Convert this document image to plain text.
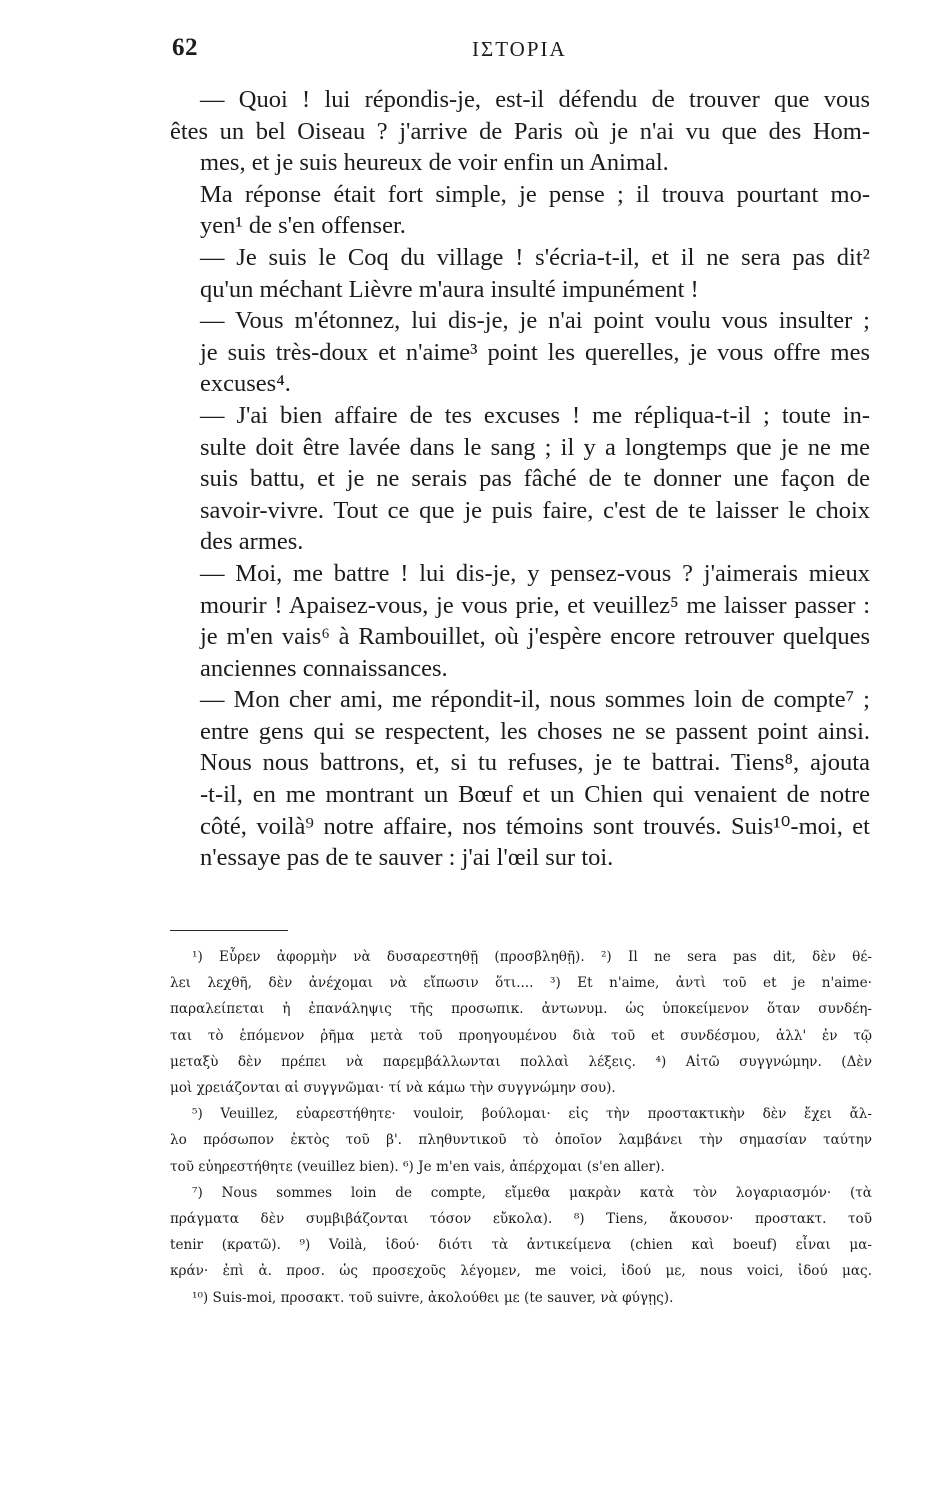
62	ΙΣΤΟΡΙΑ

— Quoi ! lui répondis-je, est-il défendu de trouver que vous
êtes un bel Oiseau ? j'arrive de Paris où je n'ai vu que des Hom-
mes, et je suis heureux de voir enfin un Animal.

Ma réponse était fort simple, je pense ; il trouva pourtant mo-
yen¹ de s'en offenser.

— Je suis le Coq du village ! s'écria-t-il, et il ne sera pas dit²
qu'un méchant Lièvre m'aura insulté impunément !

— Vous m'étonnez, lui dis-je, je n'ai point voulu vous insulter ;
je suis très-doux et n'aime³ point les querelles, je vous offre mes
excuses⁴.

— J'ai bien affaire de tes excuses ! me répliqua-t-il ; toute in-
sulte doit être lavée dans le sang ; il y a longtemps que je ne me
suis battu, et je ne serais pas fâché de te donner une façon de
savoir-vivre. Tout ce que je puis faire, c'est de te laisser le choix
des armes.

— Moi, me battre ! lui dis-je, y pensez-vous ? j'aimerais mieux
mourir ! Apaisez-vous, je vous prie, et veuillez⁵ me laisser passer :
je m'en vais⁶ à Rambouillet, où j'espère encore retrouver quelques
anciennes connaissances.

— Mon cher ami, me répondit-il, nous sommes loin de compte⁷ ;
entre gens qui se respectent, les choses ne se passent point ainsi.
Nous nous battrons, et, si tu refuses, je te battrai. Tiens⁸, ajouta
-t-il, en me montrant un Bœuf et un Chien qui venaient de notre
côté, voilà⁹ notre affaire, nos témoins sont trouvés. Suis¹⁰-moi, et
n'essaye pas de te sauver : j'ai l'œil sur toi.

¹) Εὗρεν ἀφορμὴν νὰ δυσαρεστηθῇ (προσβληθῇ). ²) Il ne sera pas dit, δὲν θέ-
λει λεχθῆ, δὲν ἀνέχομαι νὰ εἴπωσιν ὅτι.... ³) Et n'aime, ἀντὶ τοῦ et je n'aime·
παραλείπεται ἡ ἐπανάληψις τῆς προσωπικ. ἀντωνυμ. ὡς ὑποκείμενον ὅταν συνδέη-
ται τὸ ἑπόμενον ῥῆμα μετὰ τοῦ προηγουμένου διὰ τοῦ et συνδέσμου, ἀλλ' ἐν τῷ
μεταξὺ δὲν πρέπει νὰ παρεμβάλλωνται πολλαὶ λέξεις. ⁴) Αἰτῶ συγγνώμην. (Δὲν
μοὶ χρειάζονται αἱ συγγνῶμαι· τί νὰ κάμω τὴν συγγνώμην σου).
⁵) Veuillez, εὐαρεστήθητε· vouloir, βούλομαι· εἰς τὴν προστακτικὴν δὲν ἔχει ἄλ-
λο πρόσωπον ἐκτὸς τοῦ β'. πληθυντικοῦ τὸ ὁποῖον λαμβάνει τὴν σημασίαν ταύτην
τοῦ εὐηρεστήθητε (veuillez bien). ⁶) Je m'en vais, ἀπέρχομαι (s'en aller).
⁷) Nous sommes loin de compte, εἴμεθα μακρὰν κατὰ τὸν λογαριασμόν· (τὰ
πράγματα δὲν συμβιβάζονται τόσον εὔκολα). ⁸) Tiens, ἄκουσον· προστακτ. τοῦ
tenir (κρατῶ). ⁹) Voilà, ἰδού· διότι τὰ ἀντικείμενα (chien καὶ boeuf) εἶναι μα-
κράν· ἐπὶ ἀ. προσ. ὡς προσεχοῦς λέγομεν, me voici, ἰδού με, nous voici, ἰδού μας.
¹⁰) Suis-moi, προσακτ. τοῦ suivre, ἀκολούθει με (te sauver, νὰ φύγῃς).
